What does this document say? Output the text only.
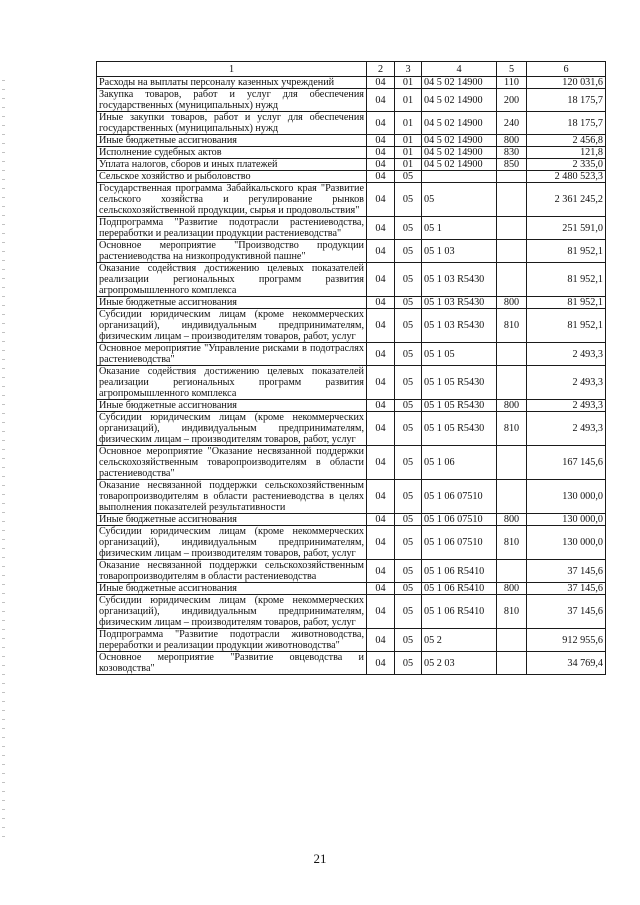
1	2	3	4	5	6
Расходы на выплаты персоналу казенных учреждений	04	01	04 5 02 14900	110	120 031,6
Закупка товаров, работ и услуг для обеспечения государственных (муниципальных) нужд	04	01	04 5 02 14900	200	18 175,7
Иные закупки товаров, работ и услуг для обеспечения государственных (муниципальных) нужд	04	01	04 5 02 14900	240	18 175,7
Иные бюджетные ассигнования	04	01	04 5 02 14900	800	2 456,8
Исполнение судебных актов	04	01	04 5 02 14900	830	121,8
Уплата налогов, сборов и иных платежей	04	01	04 5 02 14900	850	2 335,0
Сельское хозяйство и рыболовство	04	05			2 480 523,3
Государственная программа Забайкальского края "Развитие сельского хозяйства и регулирование рынков сельскохозяйственной продукции, сырья и продовольствия"	04	05	05		2 361 245,2
Подпрограмма "Развитие подотрасли растениеводства, переработки и реализации продукции растениеводства"	04	05	05 1		251 591,0
Основное мероприятие "Производство продукции растениеводства на низкопродуктивной пашне"	04	05	05 1 03		81 952,1
Оказание содействия достижению целевых показателей реализации региональных программ развития агропромышленного комплекса	04	05	05 1 03 R5430		81 952,1
Иные бюджетные ассигнования	04	05	05 1 03 R5430	800	81 952,1
Субсидии юридическим лицам (кроме некоммерческих организаций), индивидуальным предпринимателям, физическим лицам – производителям товаров, работ, услуг	04	05	05 1 03 R5430	810	81 952,1
Основное мероприятие "Управление рисками в подотраслях растениеводства"	04	05	05 1 05		2 493,3
Оказание содействия достижению целевых показателей реализации региональных программ развития агропромышленного комплекса	04	05	05 1 05 R5430		2 493,3
Иные бюджетные ассигнования	04	05	05 1 05 R5430	800	2 493,3
Субсидии юридическим лицам (кроме некоммерческих организаций), индивидуальным предпринимателям, физическим лицам – производителям товаров, работ, услуг	04	05	05 1 05 R5430	810	2 493,3
Основное мероприятие "Оказание несвязанной поддержки сельскохозяйственным товаропроизводителям в области растениеводства"	04	05	05 1 06		167 145,6
Оказание несвязанной поддержки сельскохозяйственным товаропроизводителям в области растениеводства в целях выполнения показателей результативности	04	05	05 1 06 07510		130 000,0
Иные бюджетные ассигнования	04	05	05 1 06 07510	800	130 000,0
Субсидии юридическим лицам (кроме некоммерческих организаций), индивидуальным предпринимателям, физическим лицам – производителям товаров, работ, услуг	04	05	05 1 06 07510	810	130 000,0
Оказание несвязанной поддержки сельскохозяйственным товаропроизводителям в области растениеводства	04	05	05 1 06 R5410		37 145,6
Иные бюджетные ассигнования	04	05	05 1 06 R5410	800	37 145,6
Субсидии юридическим лицам (кроме некоммерческих организаций), индивидуальным предпринимателям, физическим лицам – производителям товаров, работ, услуг	04	05	05 1 06 R5410	810	37 145,6
Подпрограмма "Развитие подотрасли животноводства, переработки и реализации продукции животноводства"	04	05	05 2		912 955,6
Основное мероприятие "Развитие овцеводства и козоводства"	04	05	05 2 03		34 769,4
21
